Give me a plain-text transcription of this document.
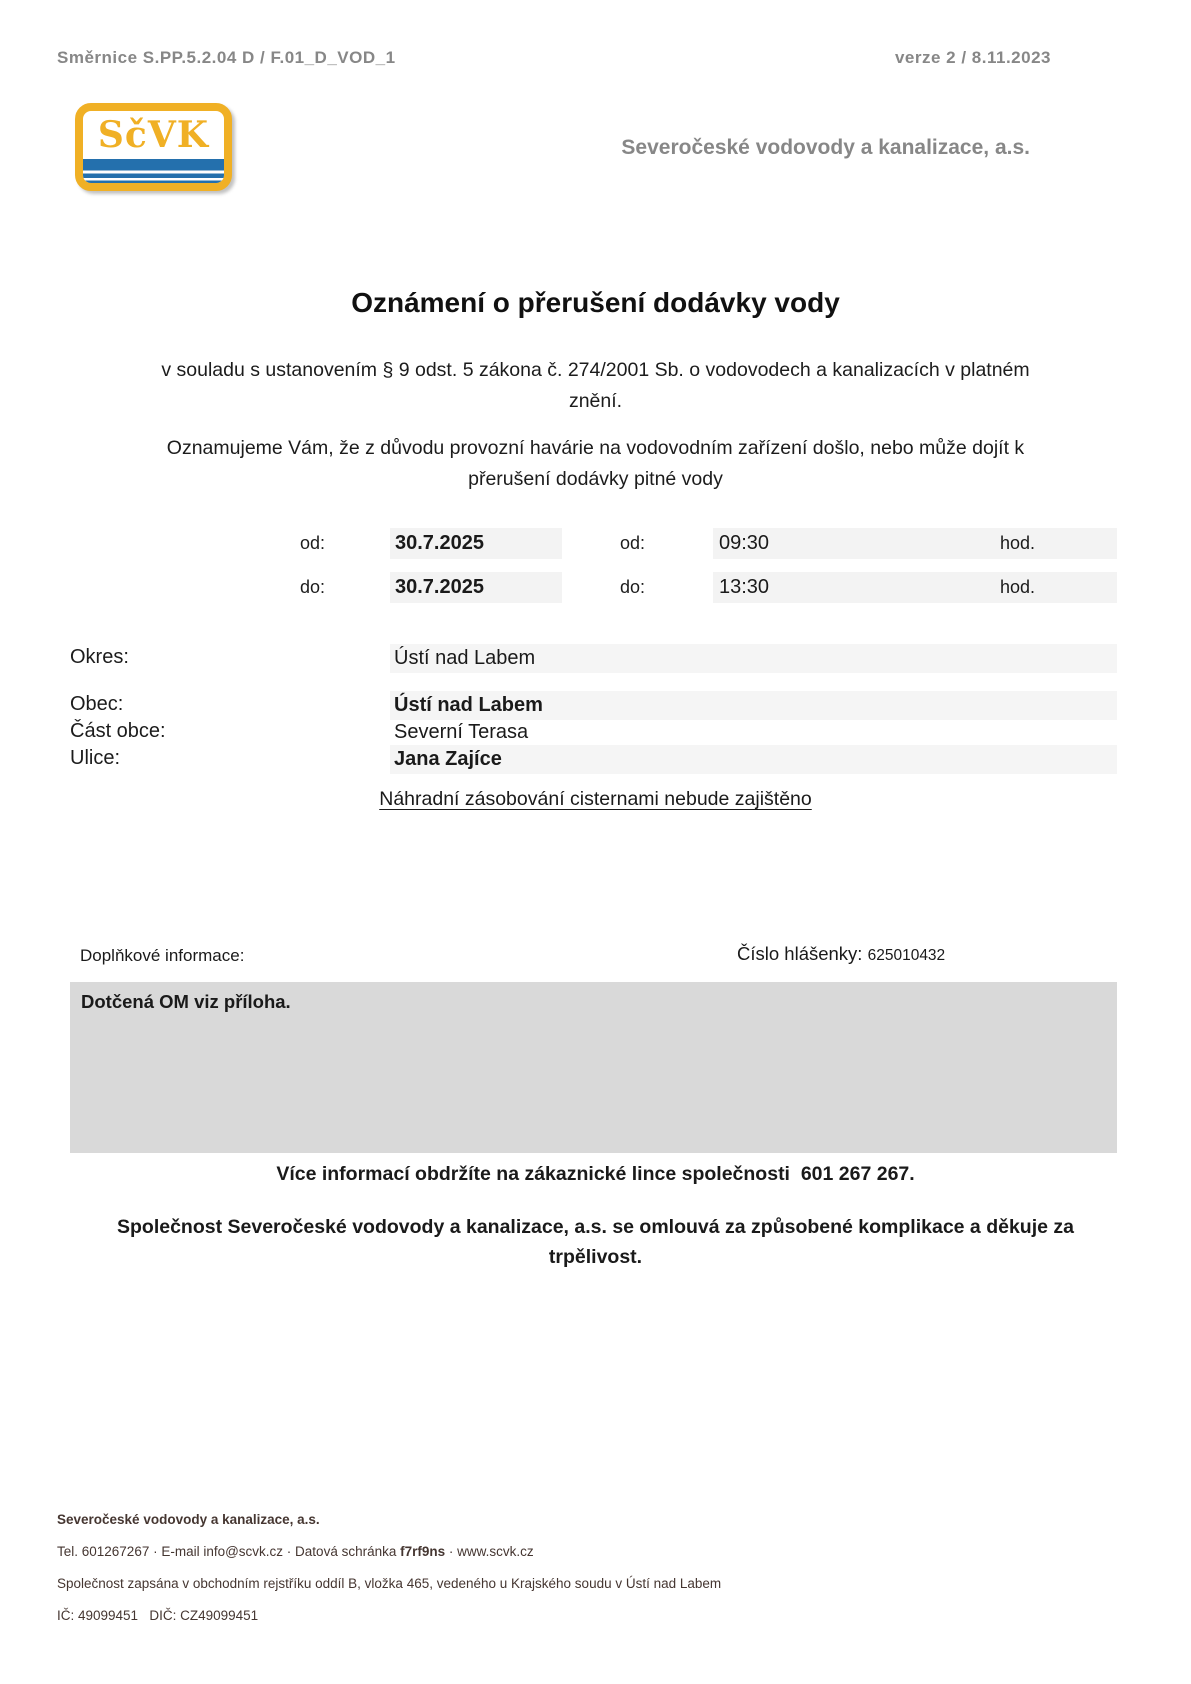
Směrnice S.PP.5.2.04 D / F.01_D_VOD_1	verze 2 / 8.11.2023
SčVK	Severočeské vodovody a kanalizace, a.s.
Oznámení o přerušení dodávky vody
v souladu s ustanovením § 9 odst. 5 zákona č. 274/2001 Sb. o vodovodech a kanalizacích v platném znění.
Oznamujeme Vám, že z důvodu provozní havárie na vodovodním zařízení došlo, nebo může dojít k přerušení dodávky pitné vody
od:	30.7.2025	od:	09:30	hod.
do:	30.7.2025	do:	13:30	hod.
Okres:	Ústí nad Labem
Obec:	Ústí nad Labem
Část obce:	Severní Terasa
Ulice:	Jana Zajíce
Náhradní zásobování cisternami nebude zajištěno
Doplňkové informace:	Číslo hlášenky: 625010432
Dotčená OM viz příloha.
Více informací obdržíte na zákaznické lince společnosti  601 267 267.
Společnost Severočeské vodovody a kanalizace, a.s. se omlouvá za způsobené komplikace a děkuje za trpělivost.
Severočeské vodovody a kanalizace, a.s.
Tel. 601267267 · E-mail info@scvk.cz · Datová schránka f7rf9ns · www.scvk.cz
Společnost zapsána v obchodním rejstříku oddíl B, vložka 465, vedeného u Krajského soudu v Ústí nad Labem
IČ: 49099451   DIČ: CZ49099451
